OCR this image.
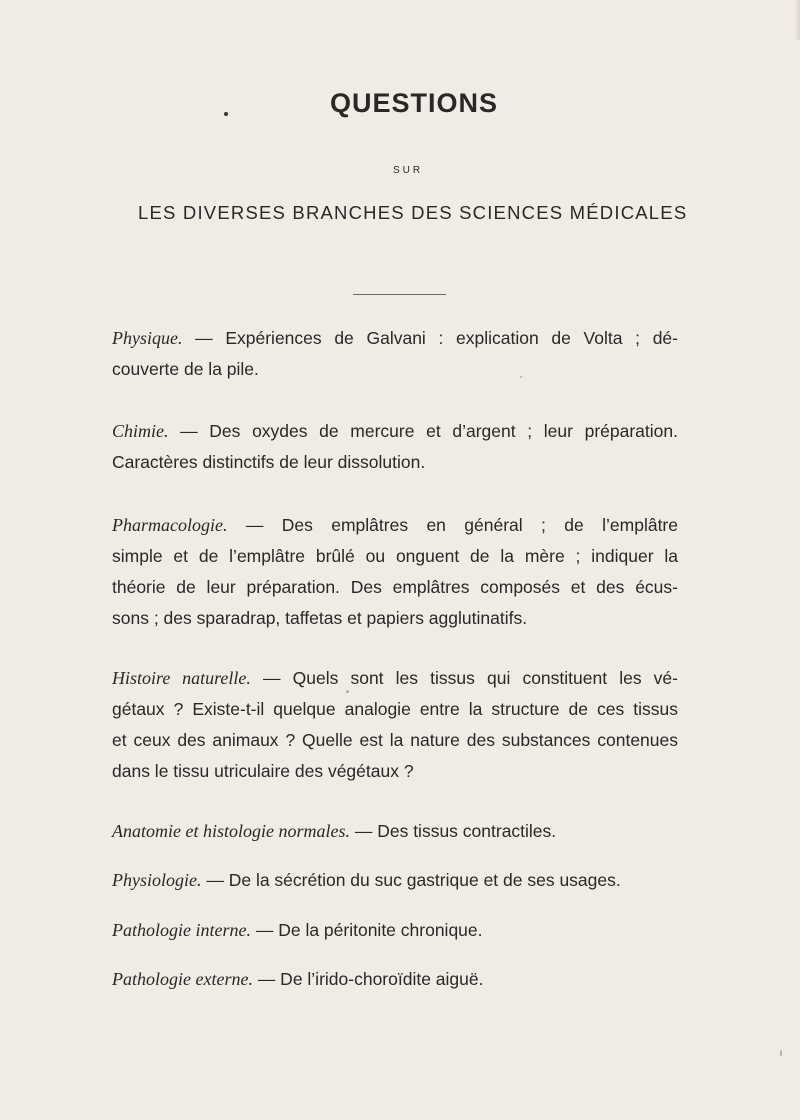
QUESTIONS
SUR
LES DIVERSES BRANCHES DES SCIENCES MÉDICALES
Physique. — Expériences de Galvani : explication de Volta ; dé-
couverte de la pile.
Chimie. — Des oxydes de mercure et d’argent ; leur préparation.
Caractères distinctifs de leur dissolution.
Pharmacologie. — Des emplâtres en général ; de l’emplâtre
simple et de l’emplâtre brûlé ou onguent de la mère ; indiquer la
théorie de leur préparation. Des emplâtres composés et des écus-
sons ; des sparadrap, taffetas et papiers agglutinatifs.
Histoire naturelle. — Quels sont les tissus qui constituent les vé-
gétaux ? Existe-t-il quelque analogie entre la structure de ces tissus
et ceux des animaux ? Quelle est la nature des substances contenues
dans le tissu utriculaire des végétaux ?
Anatomie et histologie normales. — Des tissus contractiles.
Physiologie. — De la sécrétion du suc gastrique et de ses usages.
Pathologie interne. — De la péritonite chronique.
Pathologie externe. — De l’irido-choroïdite aiguë.
